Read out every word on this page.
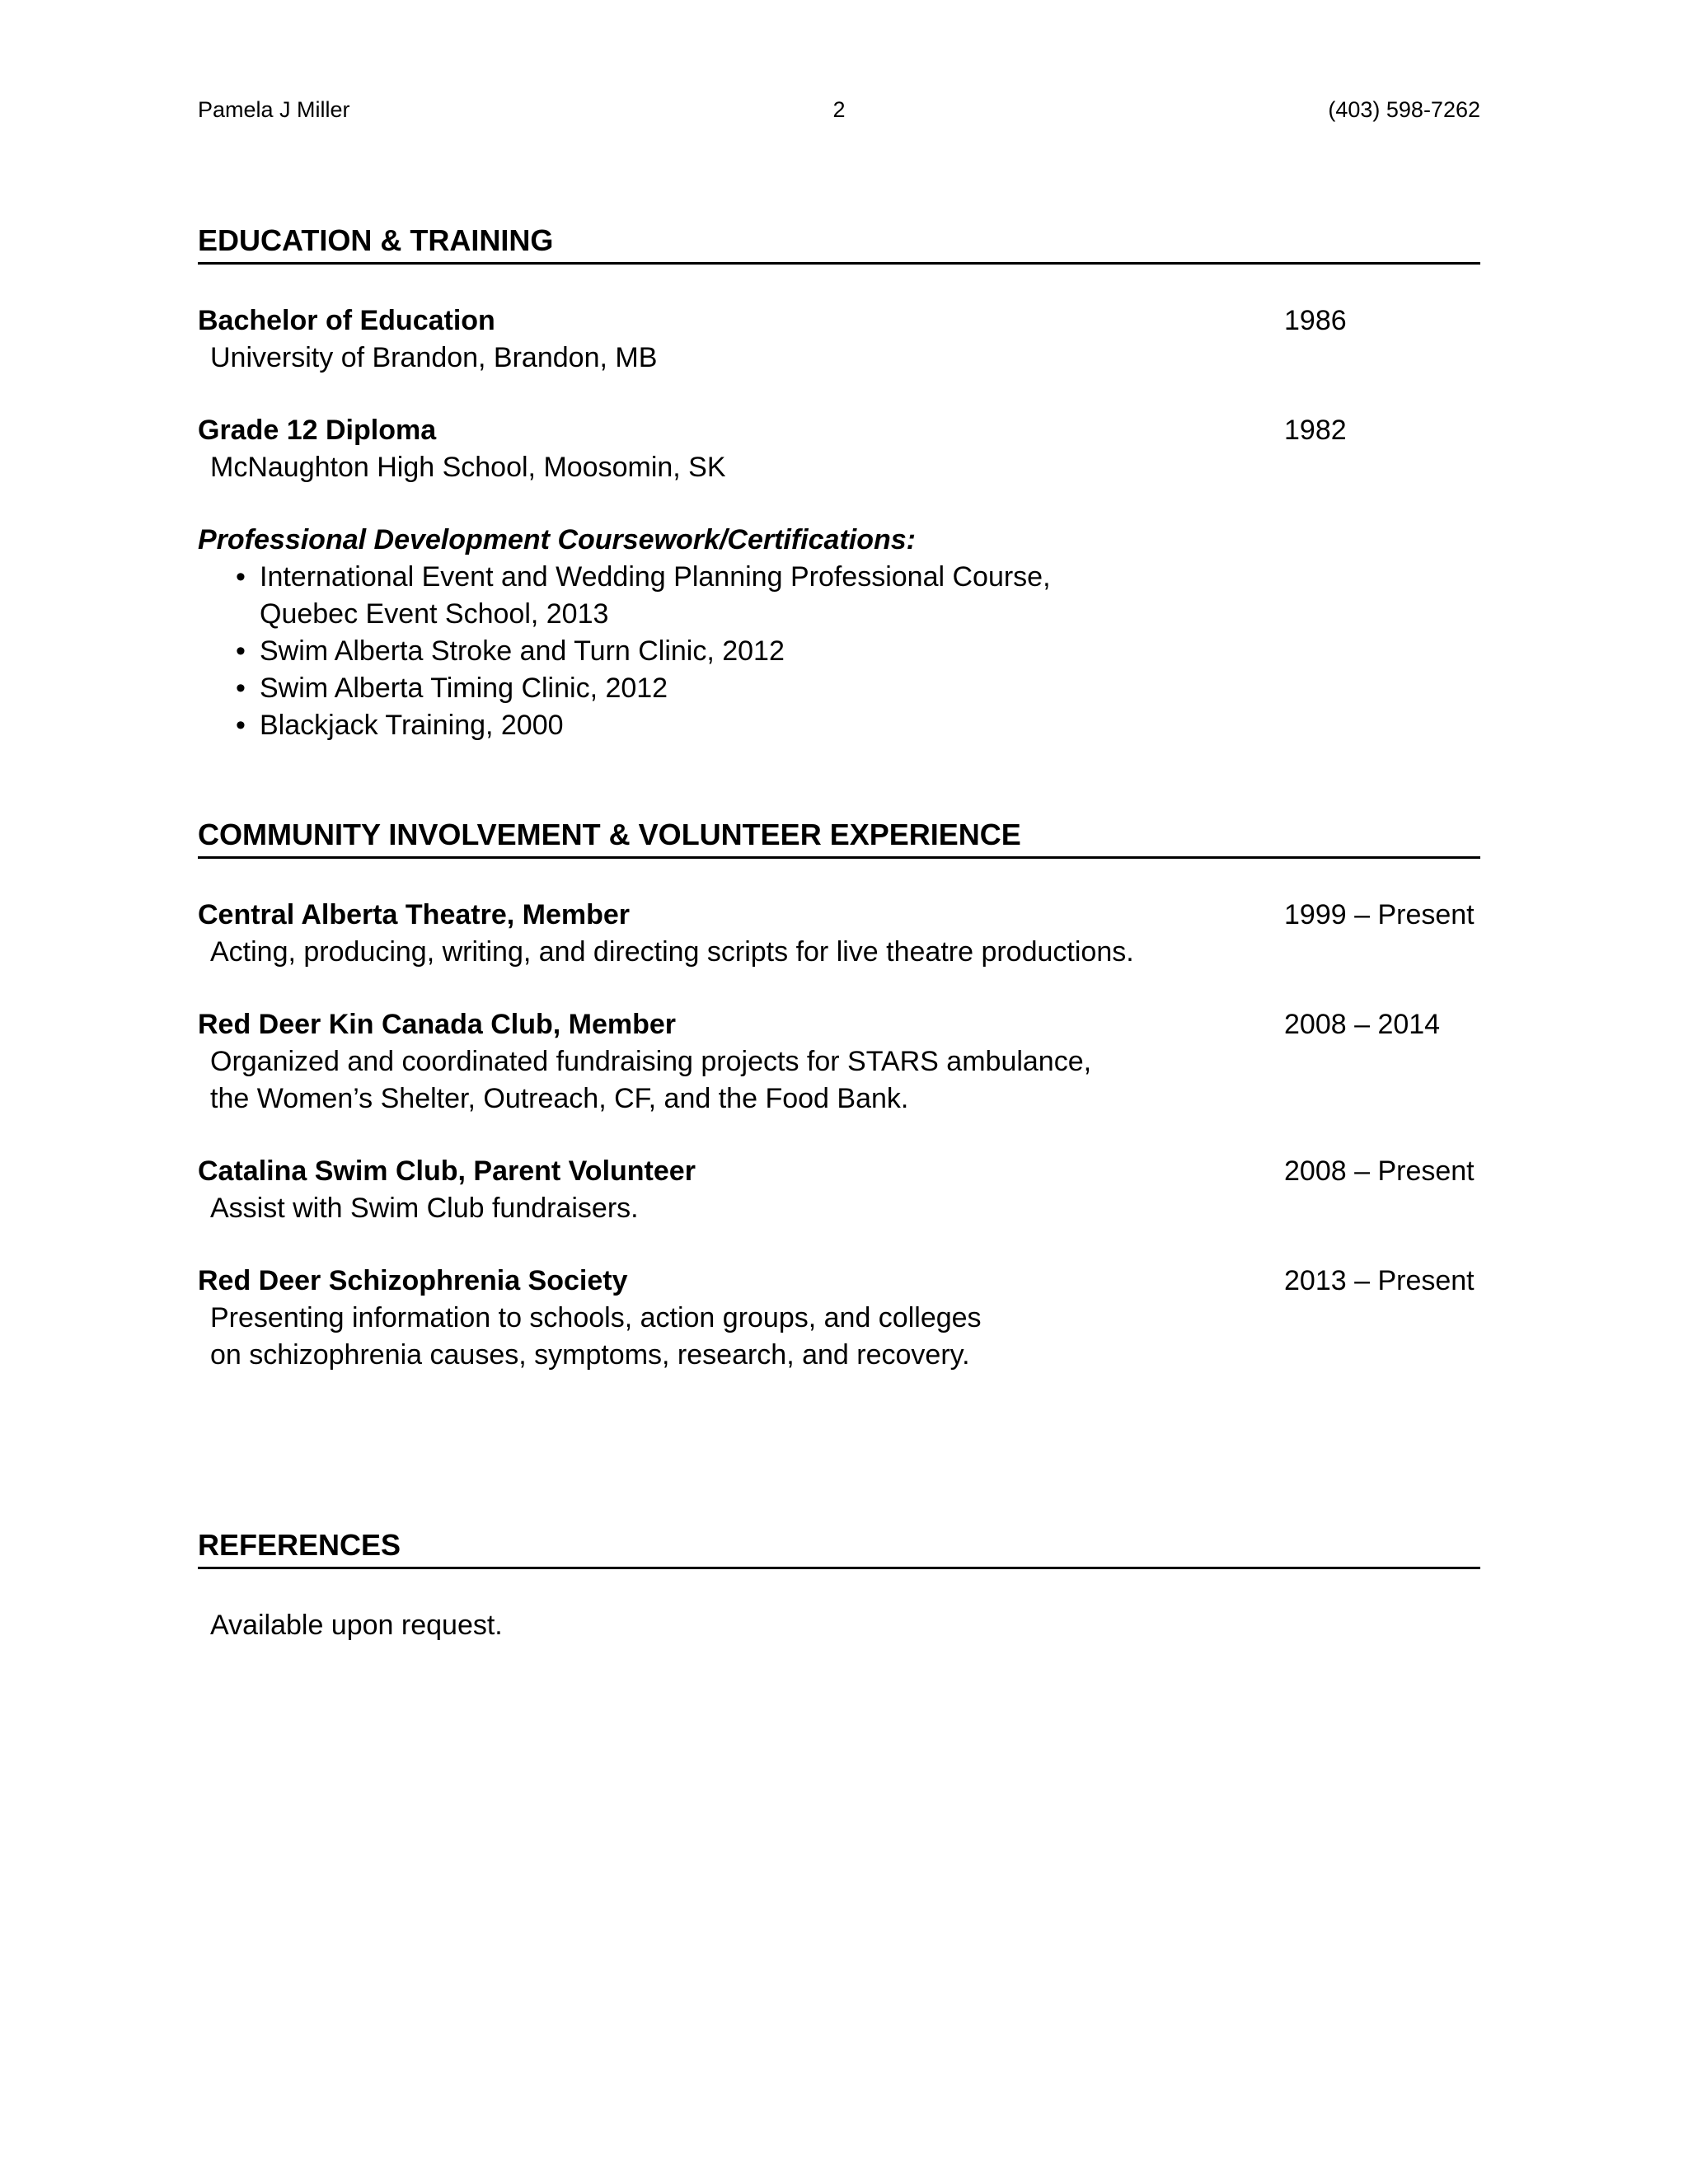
Pamela J Miller	2	(403) 598-7262
EDUCATION & TRAINING
Bachelor of Education	1986
University of Brandon, Brandon, MB
Grade 12 Diploma	1982
McNaughton High School, Moosomin, SK
Professional Development Coursework/Certifications:
• International Event and Wedding Planning Professional Course,
Quebec Event School, 2013
• Swim Alberta Stroke and Turn Clinic, 2012
• Swim Alberta Timing Clinic, 2012
• Blackjack Training, 2000
COMMUNITY INVOLVEMENT & VOLUNTEER EXPERIENCE
Central Alberta Theatre, Member	1999 – Present
Acting, producing, writing, and directing scripts for live theatre productions.
Red Deer Kin Canada Club, Member	2008 – 2014
Organized and coordinated fundraising projects for STARS ambulance,
the Women’s Shelter, Outreach, CF, and the Food Bank.
Catalina Swim Club, Parent Volunteer	2008 – Present
Assist with Swim Club fundraisers.
Red Deer Schizophrenia Society	2013 – Present
Presenting information to schools, action groups, and colleges
on schizophrenia causes, symptoms, research, and recovery.
REFERENCES
Available upon request.
